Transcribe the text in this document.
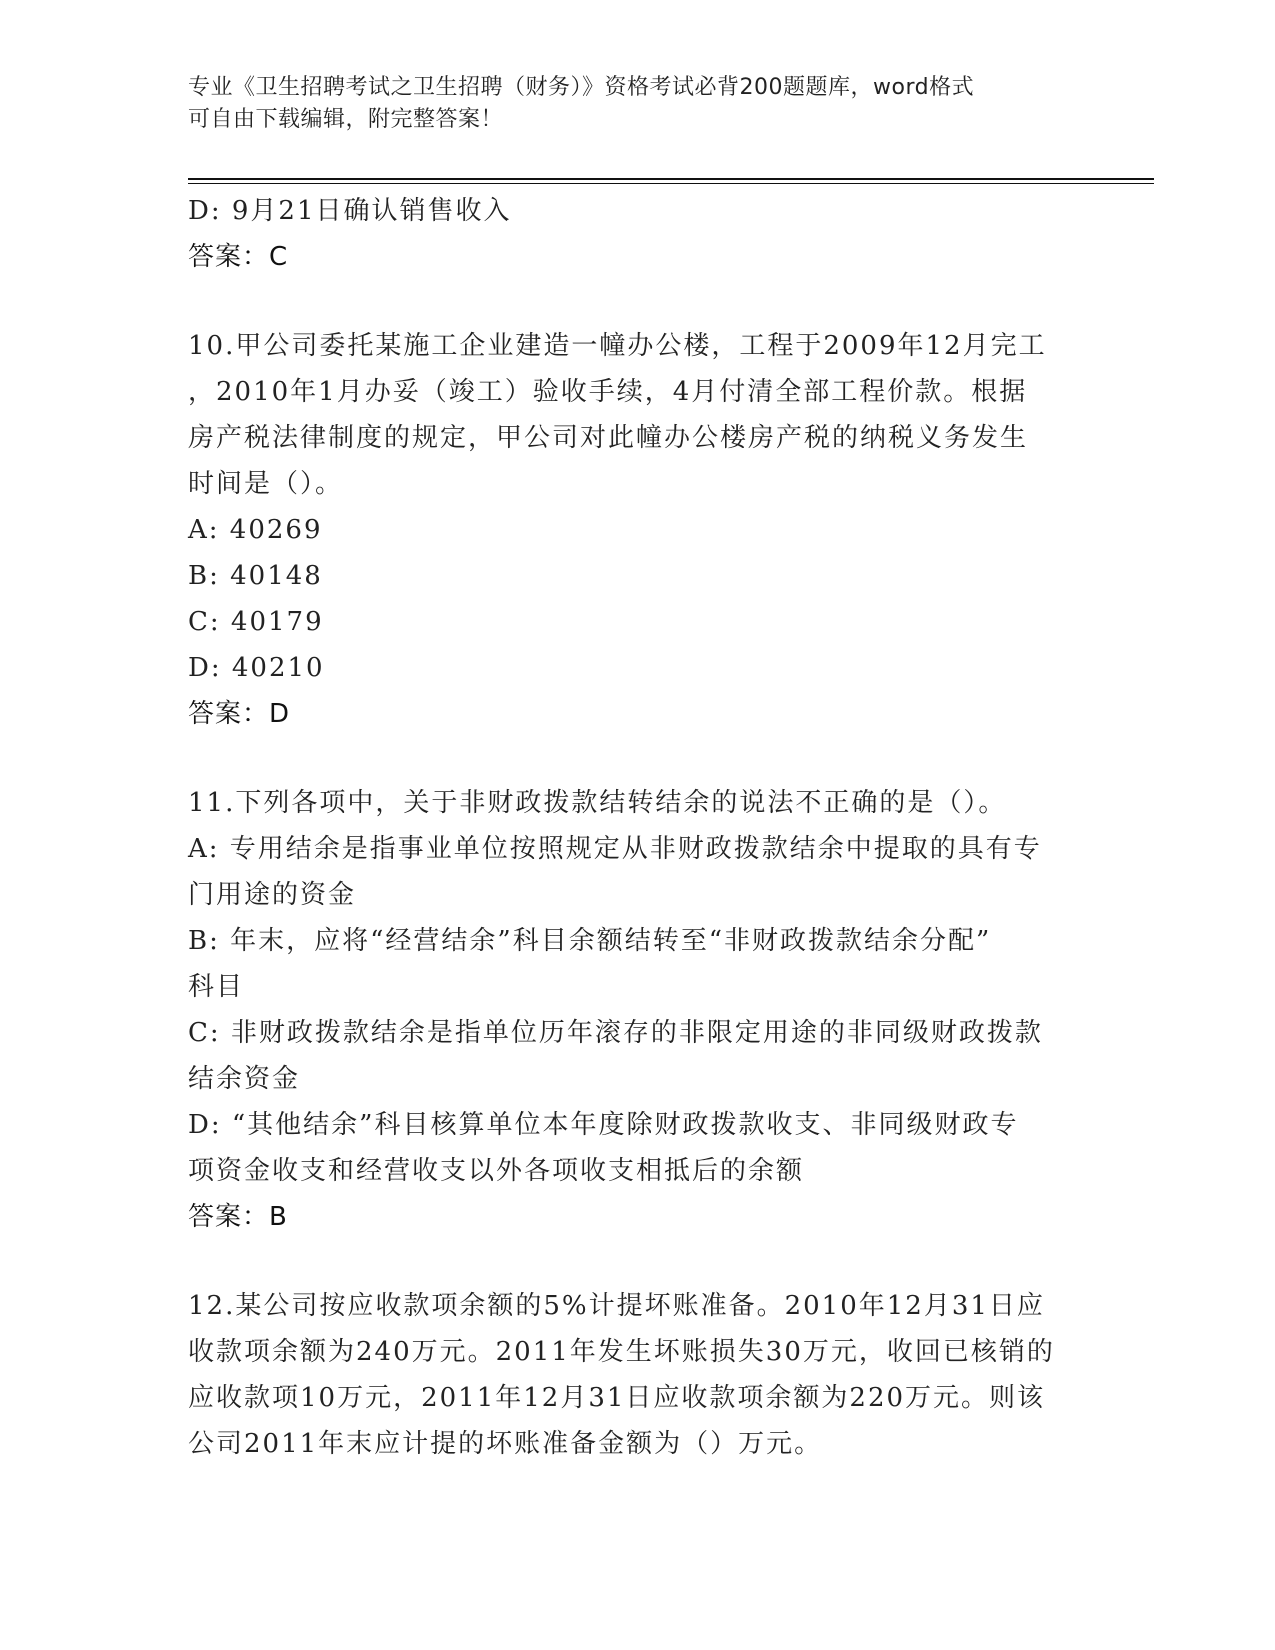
专业《卫生招聘考试之卫生招聘（财务）》资格考试必背200题题库，word格式
可自由下载编辑，附完整答案！
D: 9月21日确认销售收入
答案：C
10.甲公司委托某施工企业建造一幢办公楼，工程于2009年12月完工
，2010年1月办妥（竣工）验收手续，4月付清全部工程价款。根据
房产税法律制度的规定，甲公司对此幢办公楼房产税的纳税义务发生
时间是（）。
A: 40269
B: 40148
C: 40179
D: 40210
答案：D
11.下列各项中，关于非财政拨款结转结余的说法不正确的是（）。
A: 专用结余是指事业单位按照规定从非财政拨款结余中提取的具有专
门用途的资金
B: 年末，应将“经营结余”科目余额结转至“非财政拨款结余分配”
科目
C: 非财政拨款结余是指单位历年滚存的非限定用途的非同级财政拨款
结余资金
D: “其他结余”科目核算单位本年度除财政拨款收支、非同级财政专
项资金收支和经营收支以外各项收支相抵后的余额
答案：B
12.某公司按应收款项余额的5%计提坏账准备。2010年12月31日应
收款项余额为240万元。2011年发生坏账损失30万元，收回已核销的
应收款项10万元，2011年12月31日应收款项余额为220万元。则该
公司2011年末应计提的坏账准备金额为（）万元。
